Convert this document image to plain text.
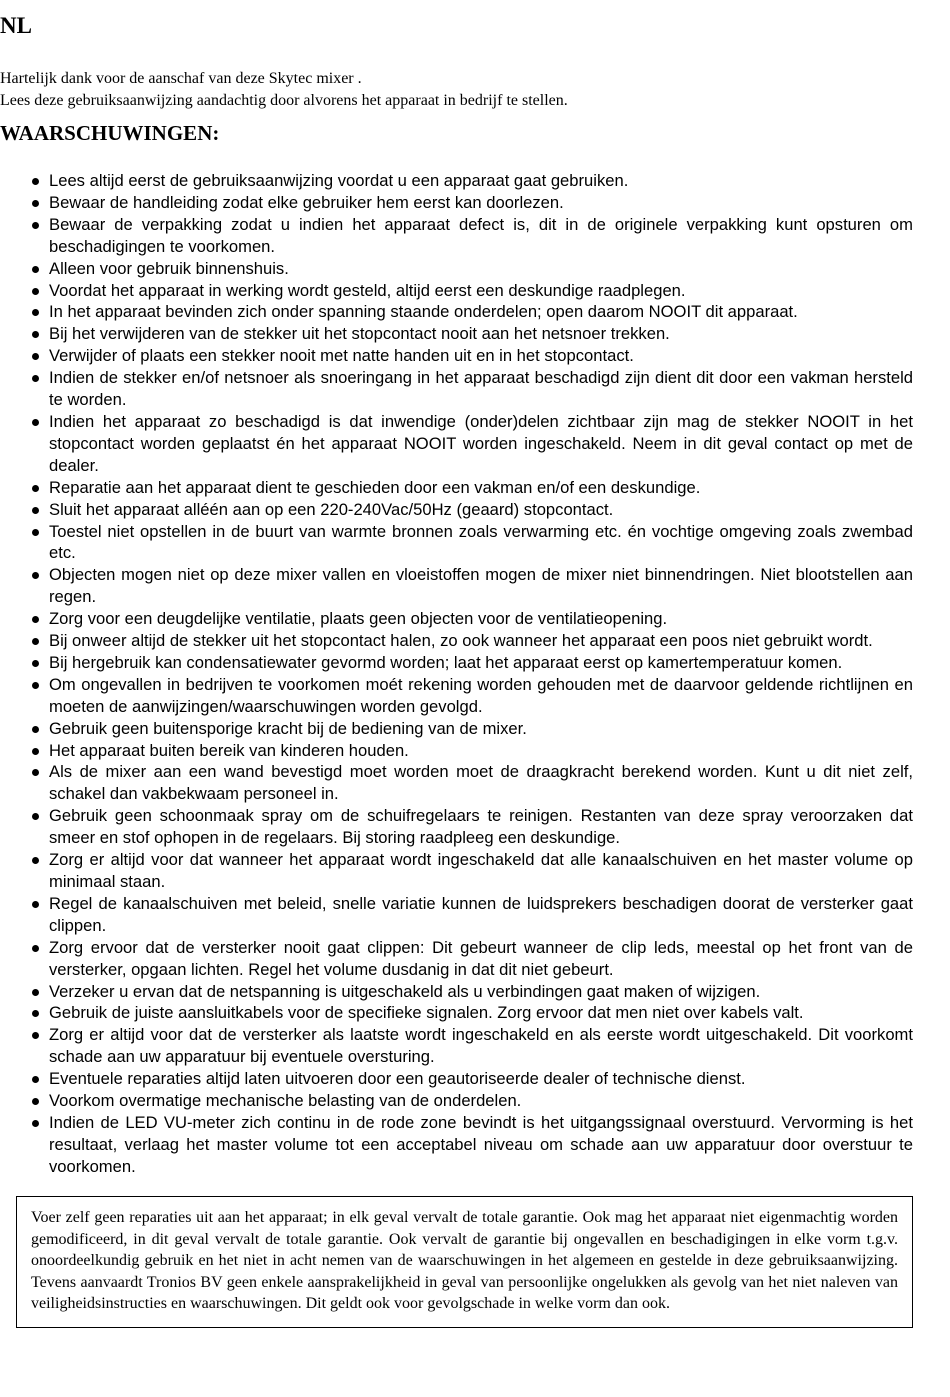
NL

Hartelijk dank voor de aanschaf van deze Skytec mixer .

Lees deze gebruiksaanwijzing aandachtig door alvorens het apparaat in bedrijf te stellen.

WAARSCHUWINGEN:
Lees altijd eerst de gebruiksaanwijzing voordat u een apparaat gaat gebruiken.
Bewaar de handleiding zodat elke gebruiker hem eerst kan doorlezen.
Bewaar de verpakking zodat u indien het apparaat defect is, dit in de originele verpakking kunt opsturen om beschadigingen te voorkomen.
Alleen voor gebruik binnenshuis.
Voordat het apparaat in werking wordt gesteld, altijd eerst een deskundige raadplegen.
In het apparaat bevinden zich onder spanning staande onderdelen; open daarom NOOIT dit apparaat.
Bij het verwijderen van de stekker uit het stopcontact nooit aan het netsnoer trekken.
Verwijder of plaats een stekker nooit met natte handen uit en in het stopcontact.
Indien de stekker en/of netsnoer als snoeringang in het apparaat beschadigd zijn dient dit door een vakman hersteld te worden.
Indien het apparaat zo beschadigd is dat inwendige (onder)delen zichtbaar zijn mag de stekker NOOIT in het stopcontact worden geplaatst én het apparaat NOOIT worden ingeschakeld. Neem in dit geval contact op met de dealer.
Reparatie aan het apparaat dient te geschieden door een vakman en/of een deskundige.
Sluit het apparaat alléén aan op een 220-240Vac/50Hz (geaard) stopcontact.
Toestel niet opstellen in de buurt van warmte bronnen zoals verwarming etc. én vochtige omgeving zoals zwembad etc.
Objecten mogen niet op deze mixer vallen en vloeistoffen mogen de mixer niet binnendringen. Niet blootstellen aan regen.
Zorg voor een deugdelijke ventilatie, plaats geen objecten voor de ventilatieopening.
Bij onweer altijd de stekker uit het stopcontact halen, zo ook wanneer het apparaat een poos niet gebruikt wordt.
Bij hergebruik kan condensatiewater gevormd worden; laat het apparaat eerst op kamertemperatuur komen.
Om ongevallen in bedrijven te voorkomen moét rekening worden gehouden met de daarvoor geldende richtlijnen en moeten de aanwijzingen/waarschuwingen worden gevolgd.
Gebruik geen buitensporige kracht bij de bediening van de mixer.
Het apparaat buiten bereik van kinderen houden.
Als de mixer aan een wand bevestigd moet worden moet de draagkracht berekend worden. Kunt u dit niet zelf, schakel dan vakbekwaam personeel in.
Gebruik geen schoonmaak spray om de schuifregelaars te reinigen. Restanten van deze spray veroorzaken dat smeer en stof ophopen in de regelaars. Bij storing raadpleeg een deskundige.
Zorg er altijd voor dat wanneer het apparaat wordt ingeschakeld dat alle kanaalschuiven en het master volume op minimaal staan.
Regel de kanaalschuiven met beleid, snelle variatie kunnen de luidsprekers beschadigen doorat de versterker gaat clippen.
Zorg ervoor dat de versterker nooit gaat clippen: Dit gebeurt wanneer de clip leds, meestal op het front van de versterker, opgaan lichten. Regel het volume dusdanig in dat dit niet gebeurt.
Verzeker u ervan dat de netspanning is uitgeschakeld als u verbindingen gaat maken of wijzigen.
Gebruik de juiste aansluitkabels voor de specifieke signalen. Zorg ervoor dat men niet over kabels valt.
Zorg er altijd voor dat de versterker als laatste wordt ingeschakeld en als eerste wordt uitgeschakeld. Dit voorkomt schade aan uw apparatuur bij eventuele oversturing.
Eventuele reparaties altijd laten uitvoeren door een geautoriseerde dealer of technische dienst.
Voorkom overmatige mechanische belasting van de onderdelen.
Indien de LED VU-meter zich continu in de rode zone bevindt is het uitgangssignaal overstuurd. Vervorming is het resultaat, verlaag het master volume tot een acceptabel niveau om schade aan uw apparatuur door overstuur te voorkomen.
Voer zelf geen reparaties uit aan het apparaat; in elk geval vervalt de totale garantie. Ook mag het apparaat niet eigenmachtig worden gemodificeerd, in dit geval vervalt de totale garantie. Ook vervalt de garantie bij ongevallen en beschadigingen in elke vorm t.g.v. onoordeelkundig gebruik en het niet in acht nemen van de waarschuwingen in het algemeen en gestelde in deze gebruiksaanwijzing. Tevens aanvaardt Tronios BV geen enkele aansprakelijkheid in geval van persoonlijke ongelukken als gevolg van het niet naleven van veiligheidsinstructies en waarschuwingen. Dit geldt ook voor gevolgschade in welke vorm dan ook.
